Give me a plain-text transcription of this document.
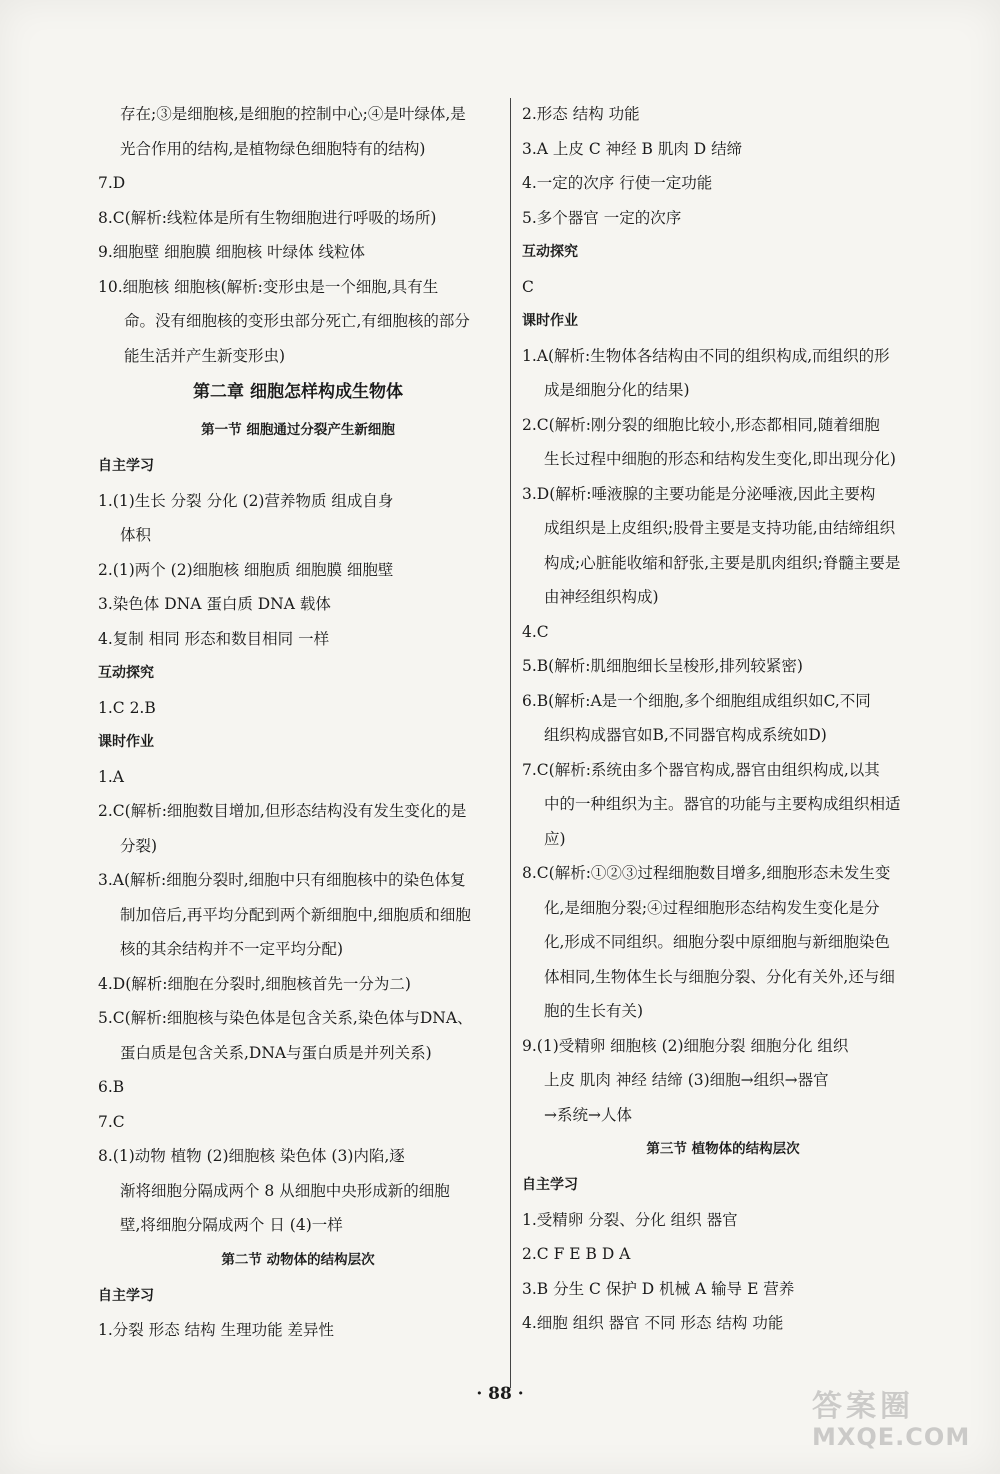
存在;③是细胞核,是细胞的控制中心;④是叶绿体,是
光合作用的结构,是植物绿色细胞特有的结构)
7.D
8.C(解析:线粒体是所有生物细胞进行呼吸的场所)
9.细胞壁 细胞膜 细胞核 叶绿体 线粒体
10.细胞核 细胞核(解析:变形虫是一个细胞,具有生
命。没有细胞核的变形虫部分死亡,有细胞核的部分
能生活并产生新变形虫)
第二章 细胞怎样构成生物体
第一节 细胞通过分裂产生新细胞
自主学习
1.(1)生长 分裂 分化 (2)营养物质 组成自身
体积
2.(1)两个 (2)细胞核 细胞质 细胞膜 细胞壁
3.染色体 DNA 蛋白质 DNA 载体
4.复制 相同 形态和数目相同 一样
互动探究
1.C 2.B
课时作业
1.A
2.C(解析:细胞数目增加,但形态结构没有发生变化的是
分裂)
3.A(解析:细胞分裂时,细胞中只有细胞核中的染色体复
制加倍后,再平均分配到两个新细胞中,细胞质和细胞
核的其余结构并不一定平均分配)
4.D(解析:细胞在分裂时,细胞核首先一分为二)
5.C(解析:细胞核与染色体是包含关系,染色体与DNA、
蛋白质是包含关系,DNA与蛋白质是并列关系)
6.B
7.C
8.(1)动物 植物 (2)细胞核 染色体 (3)内陷,逐
渐将细胞分隔成两个 8 从细胞中央形成新的细胞
壁,将细胞分隔成两个 日 (4)一样
第二节 动物体的结构层次
自主学习
1.分裂 形态 结构 生理功能 差异性
2.形态 结构 功能
3.A 上皮 C 神经 B 肌肉 D 结缔
4.一定的次序 行使一定功能
5.多个器官 一定的次序
互动探究
C
课时作业
1.A(解析:生物体各结构由不同的组织构成,而组织的形
成是细胞分化的结果)
2.C(解析:刚分裂的细胞比较小,形态都相同,随着细胞
生长过程中细胞的形态和结构发生变化,即出现分化)
3.D(解析:唾液腺的主要功能是分泌唾液,因此主要构
成组织是上皮组织;股骨主要是支持功能,由结缔组织
构成;心脏能收缩和舒张,主要是肌肉组织;脊髓主要是
由神经组织构成)
4.C
5.B(解析:肌细胞细长呈梭形,排列较紧密)
6.B(解析:A是一个细胞,多个细胞组成组织如C,不同
组织构成器官如B,不同器官构成系统如D)
7.C(解析:系统由多个器官构成,器官由组织构成,以其
中的一种组织为主。器官的功能与主要构成组织相适
应)
8.C(解析:①②③过程细胞数目增多,细胞形态未发生变
化,是细胞分裂;④过程细胞形态结构发生变化是分
化,形成不同组织。细胞分裂中原细胞与新细胞染色
体相同,生物体生长与细胞分裂、分化有关外,还与细
胞的生长有关)
9.(1)受精卵 细胞核 (2)细胞分裂 细胞分化 组织
上皮 肌肉 神经 结缔 (3)细胞→组织→器官
→系统→人体
第三节 植物体的结构层次
自主学习
1.受精卵 分裂、分化 组织 器官
2.C F E B D A
3.B 分生 C 保护 D 机械 A 输导 E 营养
4.细胞 组织 器官 不同 形态 结构 功能
· 88 ·	答案圈
MXQE.COM
